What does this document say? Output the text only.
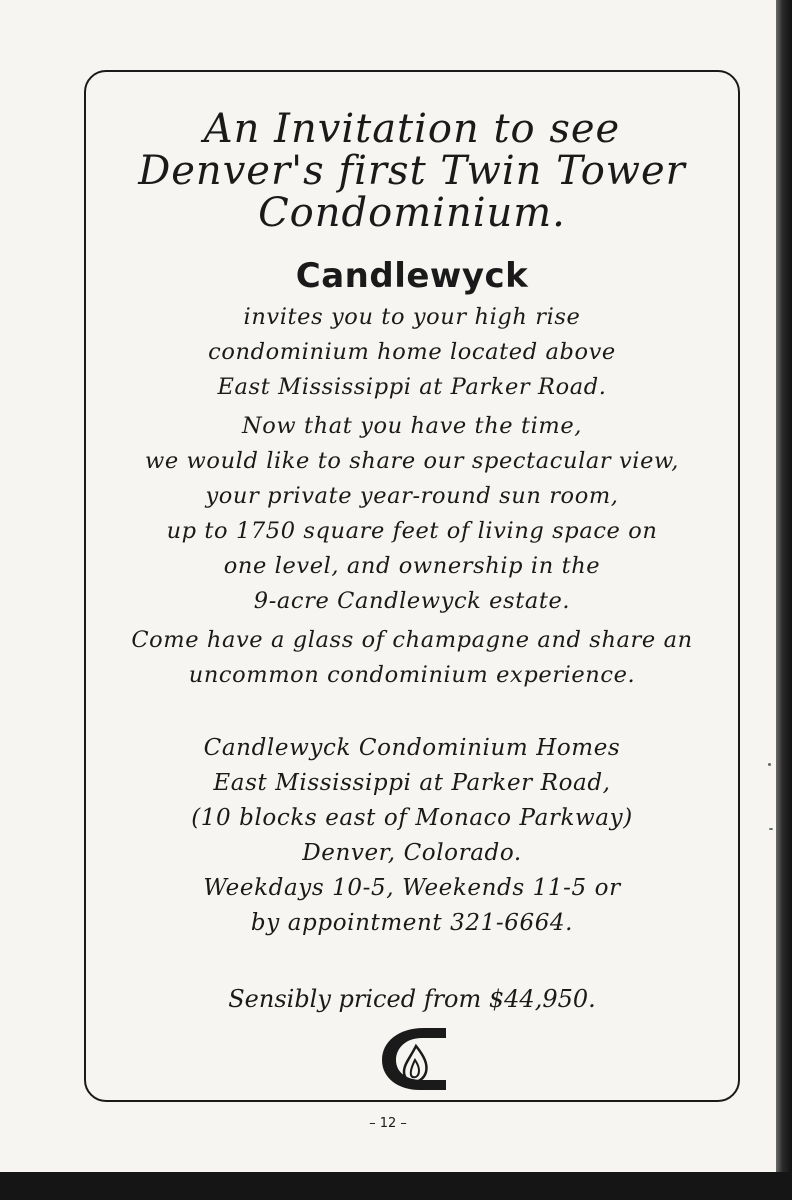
An Invitation to see
Denver's first Twin Tower
Condominium.
Candlewyck
invites you to your high rise
condominium home located above
East Mississippi at Parker Road.
Now that you have the time,
we would like to share our spectacular view,
your private year-round sun room,
up to 1750 square feet of living space on
one level, and ownership in the
9-acre Candlewyck estate.
Come have a glass of champagne and share an
uncommon condominium experience.
Candlewyck Condominium Homes
East Mississippi at Parker Road,
(10 blocks east of Monaco Parkway)
Denver, Colorado.
Weekdays 10-5, Weekends 11-5 or
by appointment 321-6664.
Sensibly priced from $44,950.
– 12 –
